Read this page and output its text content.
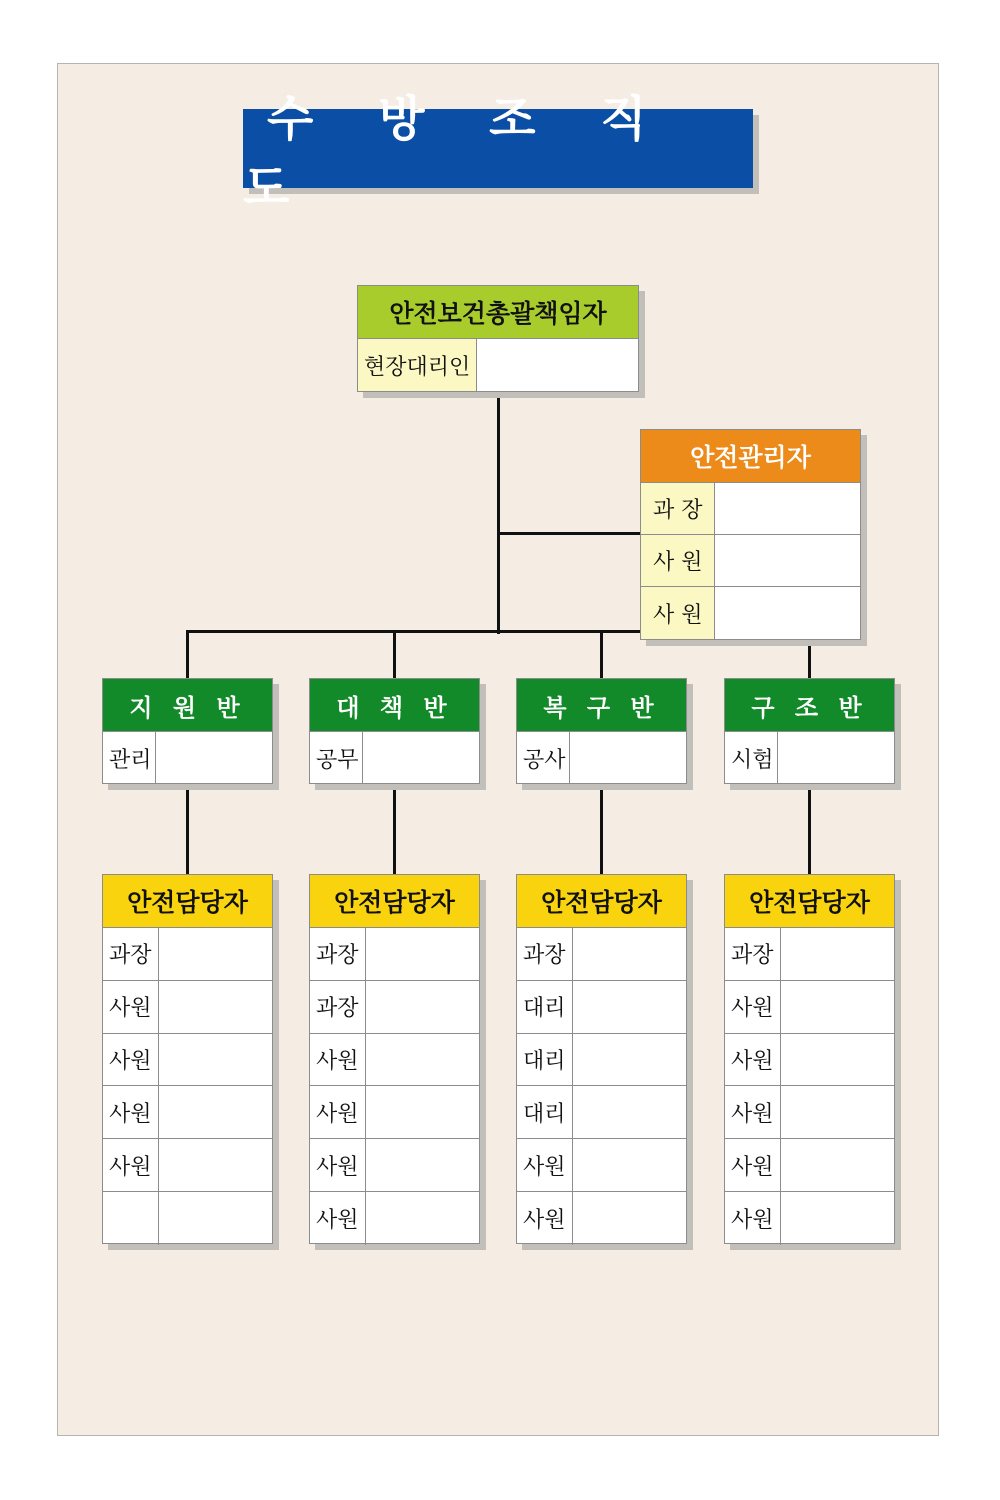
수 방 조 직 도
안전보건총괄책임자
현장대리인
안전관리자
과 장
사 원
사 원
지 원 반
관리
대 책 반
공무
복 구 반
공사
구 조 반
시험
안전담당자
과장
사원
사원
사원
사원
안전담당자
과장
과장
사원
사원
사원
사원
안전담당자
과장
대리
대리
대리
사원
사원
안전담당자
과장
사원
사원
사원
사원
사원
